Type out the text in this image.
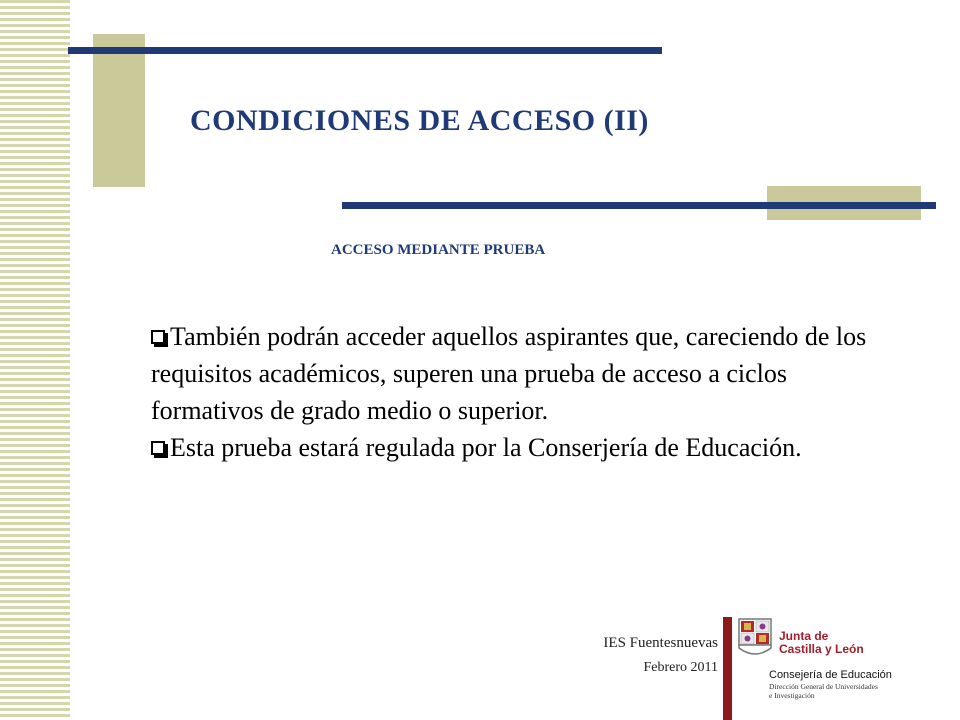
CONDICIONES DE ACCESO (II)
ACCESO MEDIANTE PRUEBA

También podrán acceder aquellos aspirantes que, careciendo de los requisitos académicos, superen una prueba de acceso a ciclos formativos de grado medio o superior.

Esta prueba estará regulada por la Conserjería de Educación.

IES Fuentesnuevas
Febrero 2011
Junta de
Castilla y León
Consejería de Educación
Dirección General de Universidades
e Investigación
